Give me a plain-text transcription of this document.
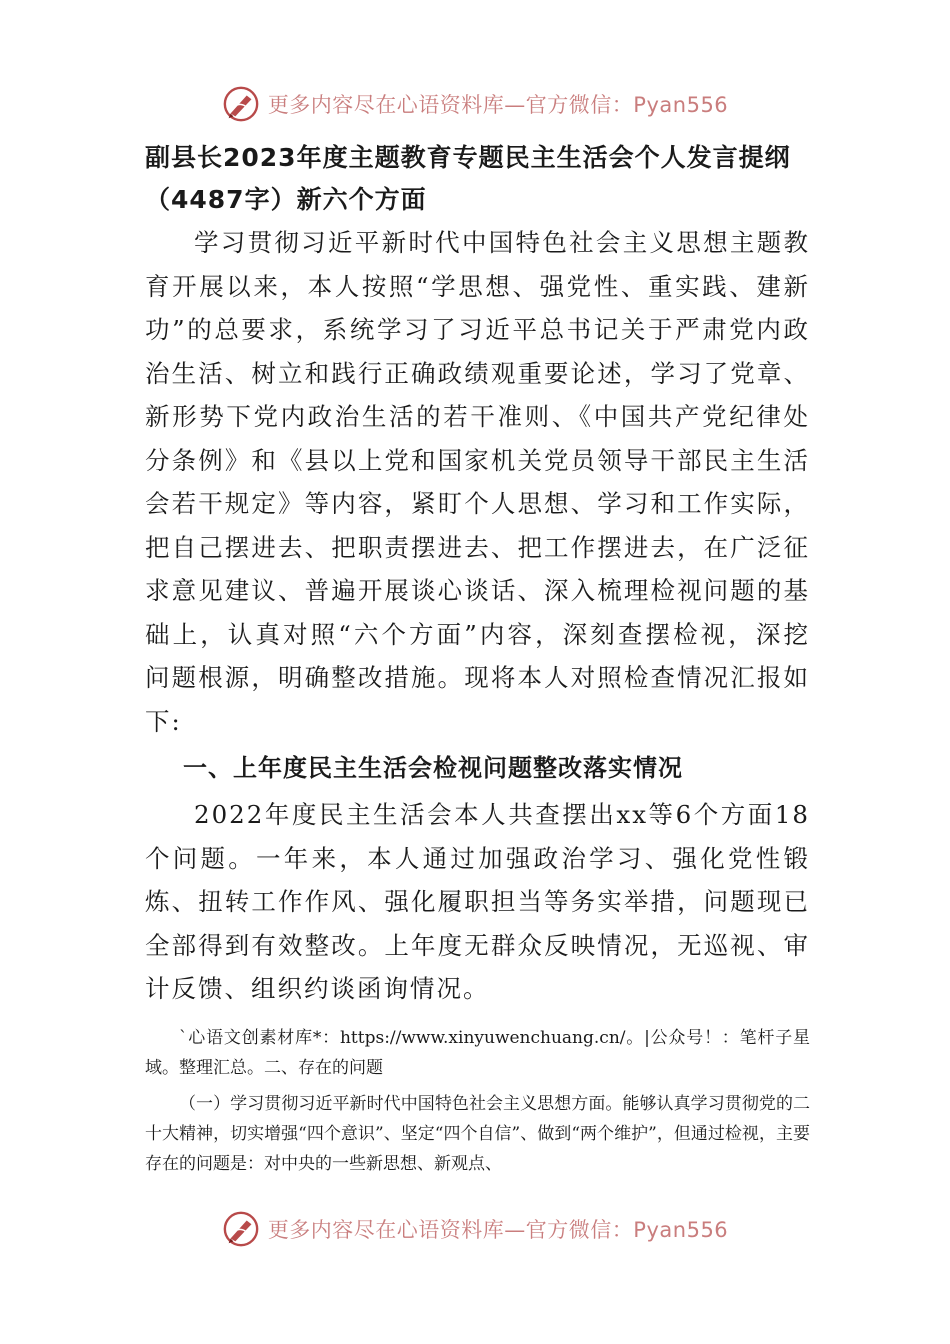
更多内容尽在心语资料库—官方微信：Pyan556

副县长2023年度主题教育专题民主生活会个人发言提纲

（4487字）新六个方面

学习贯彻习近平新时代中国特色社会主义思想主题教育开展以来，本人按照“学思想、强党性、重实践、建新功”的总要求，系统学习了习近平总书记关于严肃党内政治生活、树立和践行正确政绩观重要论述，学习了党章、新形势下党内政治生活的若干准则、《中国共产党纪律处分条例》和《县以上党和国家机关党员领导干部民主生活会若干规定》等内容，紧盯个人思想、学习和工作实际，把自己摆进去、把职责摆进去、把工作摆进去，在广泛征求意见建议、普遍开展谈心谈话、深入梳理检视问题的基础上，认真对照“六个方面”内容，深刻查摆检视，深挖问题根源，明确整改措施。现将本人对照检查情况汇报如下:

一、上年度民主生活会检视问题整改落实情况

2022年度民主生活会本人共查摆出xx等6个方面18个问题。一年来，本人通过加强政治学习、强化党性锻炼、扭转工作作风、强化履职担当等务实举措，问题现已全部得到有效整改。上年度无群众反映情况，无巡视、审计反馈、组织约谈函询情况。

`心语文创素材库*：https://www.xinyuwenchuang.cn/。|公众号！：笔杆子星域。整理汇总。二、存在的问题

（一）学习贯彻习近平新时代中国特色社会主义思想方面。能够认真学习贯彻党的二十大精神，切实增强“四个意识”、坚定“四个自信”、做到“两个维护”，但通过检视，主要存在的问题是：对中央的一些新思想、新观点、

更多内容尽在心语资料库—官方微信：Pyan556
